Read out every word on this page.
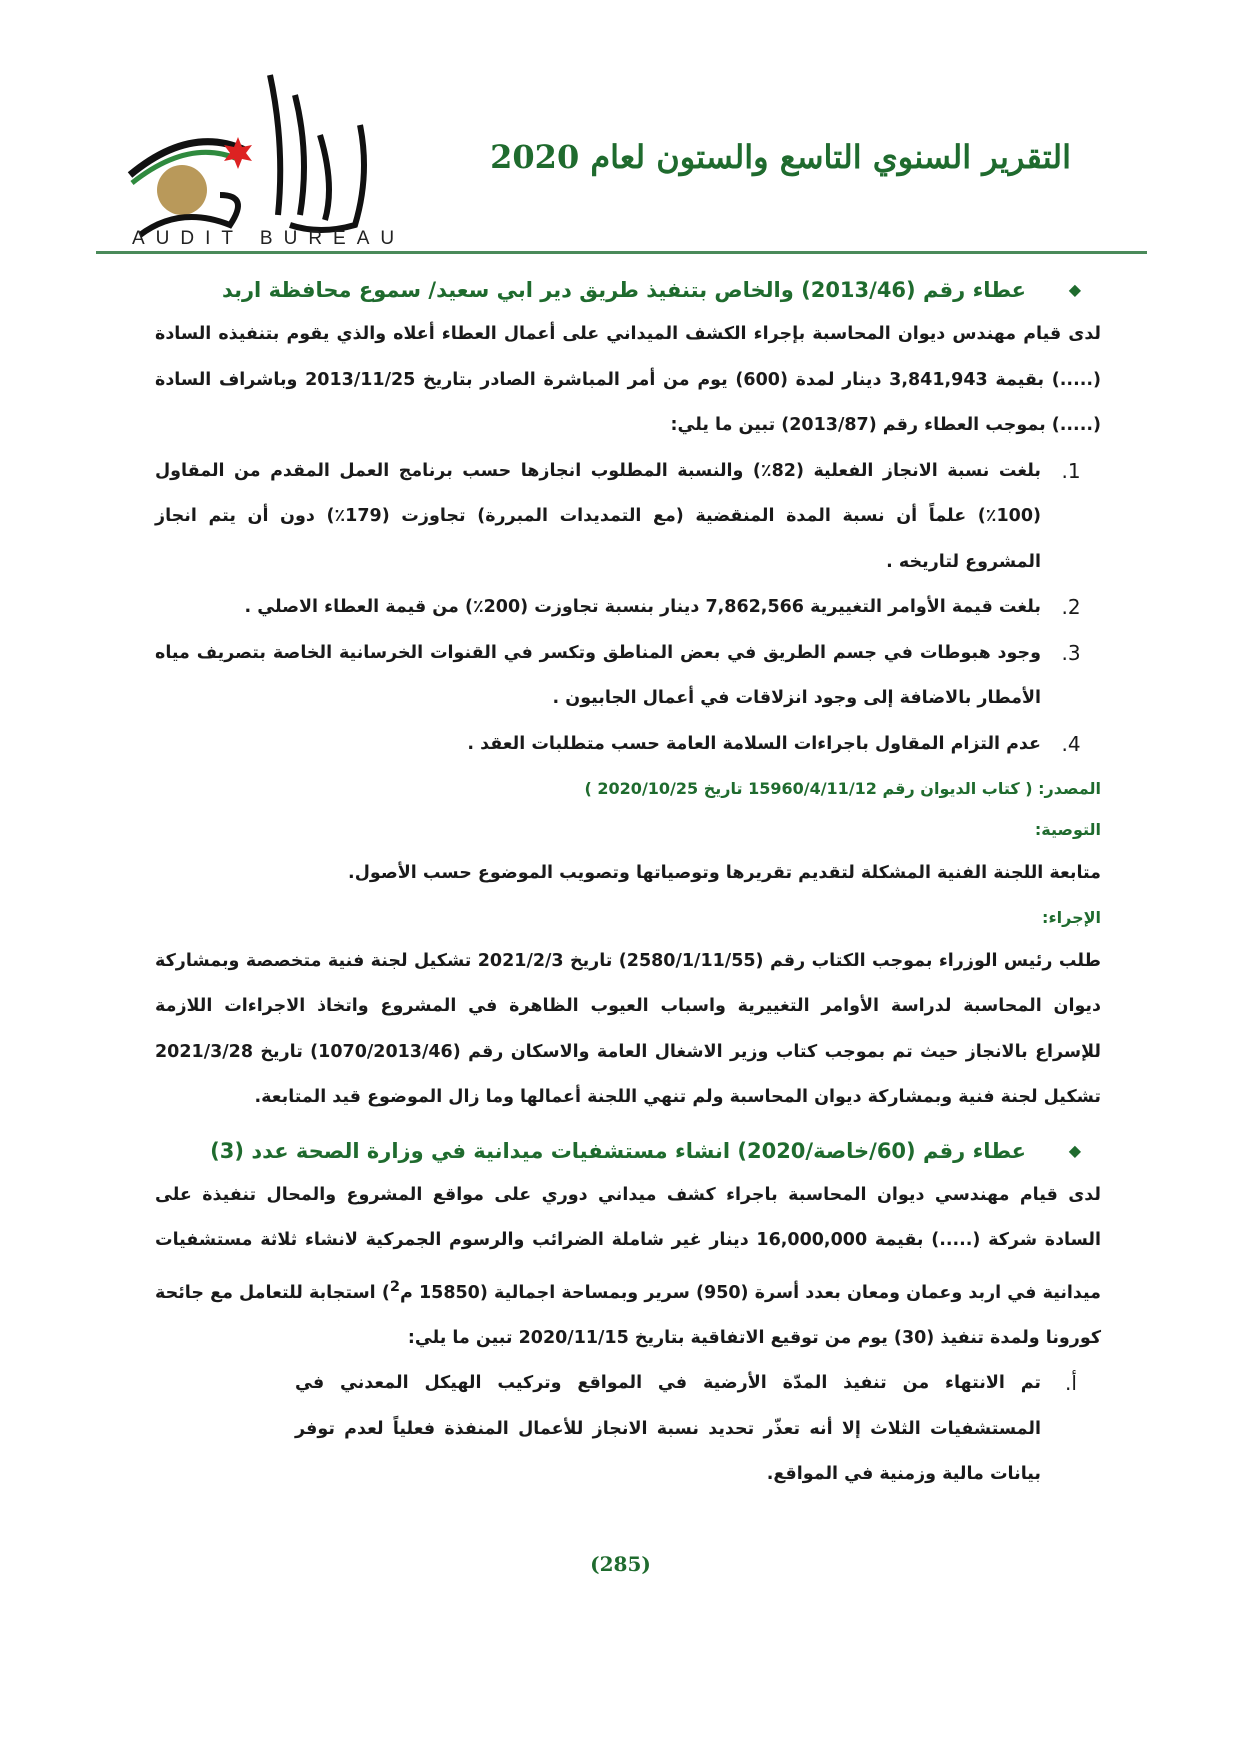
التقرير السنوي التاسع والستون لعام 2020
AUDIT BUREAU
◆
عطاء رقم (2013/46) والخاص بتنفيذ طريق دير ابي سعيد/ سموع محافظة اربد

لدى قيام مهندس ديوان المحاسبة بإجراء الكشف الميداني على أعمال العطاء أعلاه والذي يقوم بتنفيذه السادة (.....) بقيمة 3,841,943 دينار لمدة (600) يوم من أمر المباشرة الصادر بتاريخ 2013/11/25 وباشراف السادة (.....) بموجب العطاء رقم (2013/87) تبين ما يلي:

1.

بلغت نسبة الانجاز الفعلية (82٪) والنسبة المطلوب انجازها حسب برنامج العمل المقدم من المقاول (100٪) علماً أن نسبة المدة المنقضية (مع التمديدات المبررة) تجاوزت (179٪) دون أن يتم انجاز المشروع لتاريخه .

2.

بلغت قيمة الأوامر التغييرية 7,862,566 دينار بنسبة تجاوزت (200٪) من قيمة العطاء الاصلي .

3.

وجود هبوطات في جسم الطريق في بعض المناطق وتكسر في القنوات الخرسانية الخاصة بتصريف مياه الأمطار بالاضافة إلى وجود انزلاقات في أعمال الجابيون .

4.

عدم التزام المقاول باجراءات السلامة العامة حسب متطلبات العقد .

المصدر: ( كتاب الديوان رقم 15960/4/11/12 تاريخ 2020/10/25 )
التوصية:

متابعة اللجنة الفنية المشكلة لتقديم تقريرها وتوصياتها وتصويب الموضوع حسب الأصول.

الإجراء:

طلب رئيس الوزراء بموجب الكتاب رقم (2580/1/11/55) تاريخ 2021/2/3 تشكيل لجنة فنية متخصصة وبمشاركة ديوان المحاسبة لدراسة الأوامر التغييرية واسباب العيوب الظاهرة في المشروع واتخاذ الاجراءات اللازمة للإسراع بالانجاز حيث تم بموجب كتاب وزير الاشغال العامة والاسكان رقم (1070/2013/46) تاريخ 2021/3/28 تشكيل لجنة فنية وبمشاركة ديوان المحاسبة ولم تنهي اللجنة أعمالها وما زال الموضوع قيد المتابعة.

◆
عطاء رقم (60/خاصة/2020) انشاء مستشفيات ميدانية في وزارة الصحة عدد (3)

لدى قيام مهندسي ديوان المحاسبة باجراء كشف ميداني دوري على مواقع المشروع والمحال تنفيذة على السادة شركة (.....) بقيمة 16,000,000 دينار غير شاملة الضرائب والرسوم الجمركية لانشاء ثلاثة مستشفيات ميدانية في اربد وعمان ومعان بعدد أسرة (950) سرير وبمساحة اجمالية (15850 م$^2$) استجابة للتعامل مع جائحة كورونا ولمدة تنفيذ (30) يوم من توقيع الاتفاقية بتاريخ 2020/11/15 تبين ما يلي:

أ.

تم الانتهاء من تنفيذ المدّة الأرضية في المواقع وتركيب الهيكل المعدني في المستشفيات الثلاث إلا أنه تعذّر تحديد نسبة الانجاز للأعمال المنفذة فعلياً لعدم توفر بيانات مالية وزمنية في المواقع.

(285)
